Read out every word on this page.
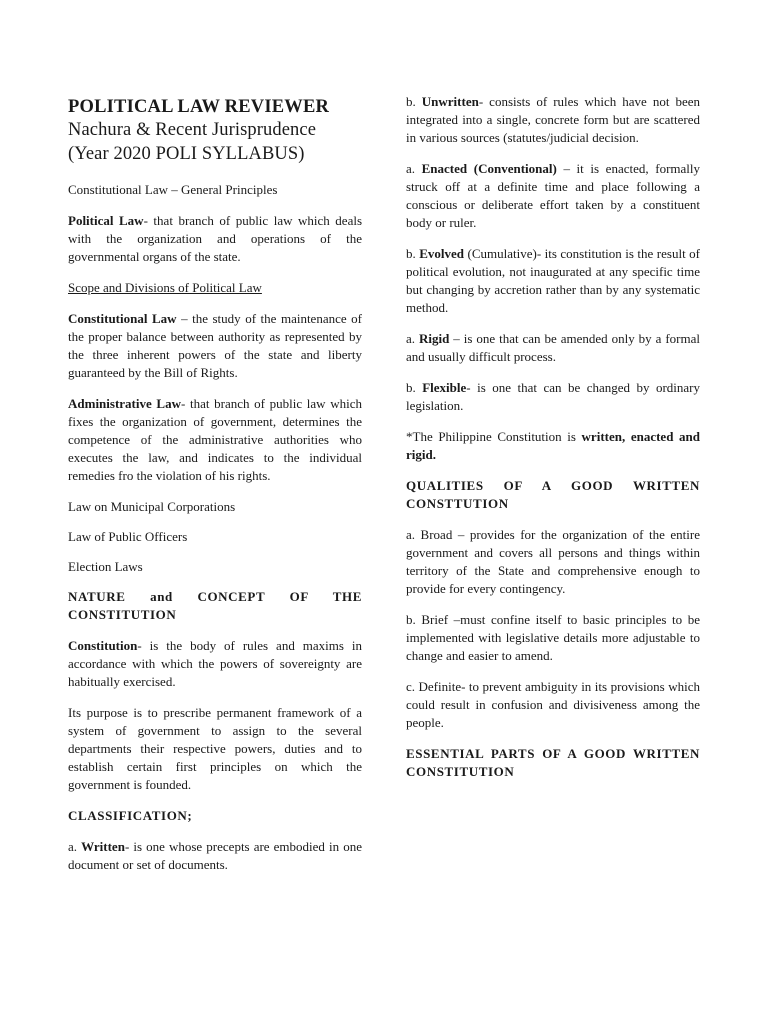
POLITICAL LAW REVIEWER
Nachura & Recent Jurisprudence
(Year 2020 POLI SYLLABUS)

Constitutional Law – General Principles

Political Law- that branch of public law which deals with the organization and operations of the governmental organs of the state.

Scope and Divisions of Political Law

Constitutional Law – the study of the maintenance of the proper balance between authority as represented by the three inherent powers of the state and liberty guaranteed by the Bill of Rights.

Administrative Law- that branch of public law which fixes the organization of government, determines the competence of the administrative authorities who executes the law, and indicates to the individual remedies fro the violation of his rights.

Law on Municipal Corporations

Law of Public Officers

Election Laws

NATURE and CONCEPT OF THE CONSTITUTION

Constitution- is the body of rules and maxims in accordance with which the powers of sovereignty are habitually exercised.

Its purpose is to prescribe permanent framework of a system of government to assign to the several departments their respective powers, duties and to establish certain first principles on which the government is founded.

CLASSIFICATION;

a. Written- is one whose precepts are embodied in one document or set of documents.

b. Unwritten- consists of rules which have not been integrated into a single, concrete form but are scattered in various sources (statutes/judicial decision.

a. Enacted (Conventional) – it is enacted, formally struck off at a definite time and place following a conscious or deliberate effort taken by a constituent body or ruler.

b. Evolved (Cumulative)- its constitution is the result of political evolution, not inaugurated at any specific time but changing by accretion rather than by any systematic method.

a. Rigid – is one that can be amended only by a formal and usually difficult process.

b. Flexible- is one that can be changed by ordinary legislation.

*The Philippine Constitution is written, enacted and rigid.

QUALITIES OF A GOOD WRITTEN CONSTTUTION

a. Broad – provides for the organization of the entire government and covers all persons and things within territory of the State and comprehensive enough to provide for every contingency.

b. Brief –must confine itself to basic principles to be implemented with legislative details more adjustable to change and easier to amend.

c. Definite- to prevent ambiguity in its provisions which could result in confusion and divisiveness among the people.

ESSENTIAL PARTS OF A GOOD WRITTEN CONSTITUTION
